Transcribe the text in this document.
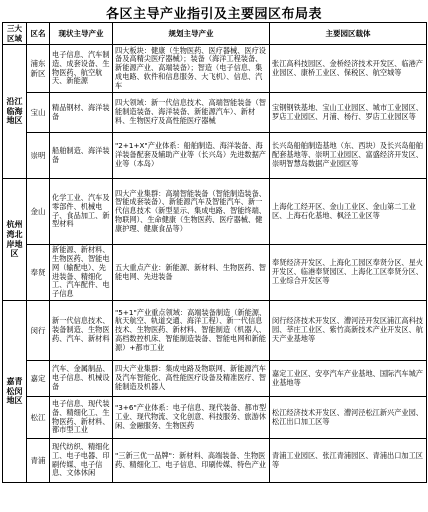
各区主导产业指引及主要园区布局表
三大区域	区名	现状主导产业	规划主导产业	主要园区载体
沿江临海地区	浦东新区	电子信息、汽车制造、成套设备、生物医药、航空航天、新能源	四大板块：健康（生物医药、医疗器械、医疗设备及高精尖医疗器械）；装备（海洋工程装备、新能源产业、高端装备）；智造（电子信息、集成电路、软件和信息服务、大飞机）、信息、汽车	张江高科技园区、金桥经济技术开发区、临港产业园区、康桥工业区、保税区、航空城等
	宝山	精品钢材、海洋装备	四大领域：新一代信息技术、高端智能装备（智能制造装备、海洋装备、新能源汽车）、新材料、生物医疗及高性能医疗器械	宝钢钢铁基地、宝山工业园区、城市工业园区、罗店工业园区、月浦、杨行、罗店工业园区等
	崇明	船舶制造、海洋装备	"2+1+X"产业体系：船舶制造、海洋装备、海洋装备配套及辅助产业等（长兴岛）先进数据产业等（本岛）	长兴岛船舶制造基地（东、西块）及长兴岛船舶配套基地等、崇明工业园区、富盛经济开发区、崇明智慧岛数据产业园区等
杭州湾北岸地区	金山	化学工业、汽车及零部件、机械电子、食品加工、新型材料	四大产业集群：高端智能装备（智能制造装备、智能成套装备）、新能源汽车及智能汽车、新一代信息技术（新型显示、集成电路、智能终端、物联网）、生命健康（生物医药、医疗器械、健康护理、健康食品等）	上海化工经开区、金山工业区、金山第二工业区、上海石化基地、枫泾工业区等
	奉贤	新能源、新材料、生物医药、智能电网（输配电）、先进装备、精细化工、汽车配件、电子信息	五大重点产业：新能源、新材料、生物医药、智能电网、先进装备	奉贤经济开发区、上海化工园区奉贤分区、星火开发区、临港奉贤园区、上海化工区奉贤分区、工业综合开发区等
嘉青松闵地区	闵行	新一代信息技术、装备制造、生物医药、汽车、新材料	"5+1"产业重点领域：高端装备制造（新能源、航天航空、轨道交通、海洋工程）、新一代信息技术、生物医药、新材料、智能制造（机器人、高档数控机床、智能制造装备、智能电网和新能源）+都市工业	闵行经济技术开发区、漕河泾开发区浦江高科技园、莘庄工业区、紫竹高新技术产业开发区、航天产业基地等
	嘉定	汽车、金属制品、电子信息、机械设备	四大产业集群：集成电路及物联网、新能源汽车及汽车智能化、高性能医疗设备及精准医疗、智能制造及机器人	嘉定工业区、安亭汽车产业基地、国际汽车城产业基地等
	松江	电子信息、现代装备、精细化工、生物医药、新材料、都市型工业	"3+6"产业体系：电子信息、现代装备、都市型工业、现代物流、文化创意、科技服务、旅游休闲、金融服务、生物医药	松江经济技术开发区、漕河泾松江新兴产业园、松江出口加工区等
	青浦	现代纺织、精细化工、电子电器、印刷传媒、电子信息、文体休闲	"三新三优一品牌"：新材料、高端装备、生物医药、精细化工、电子信息、印刷传媒、特色产业	青浦工业园区、张江青浦园区、青浦出口加工区等
